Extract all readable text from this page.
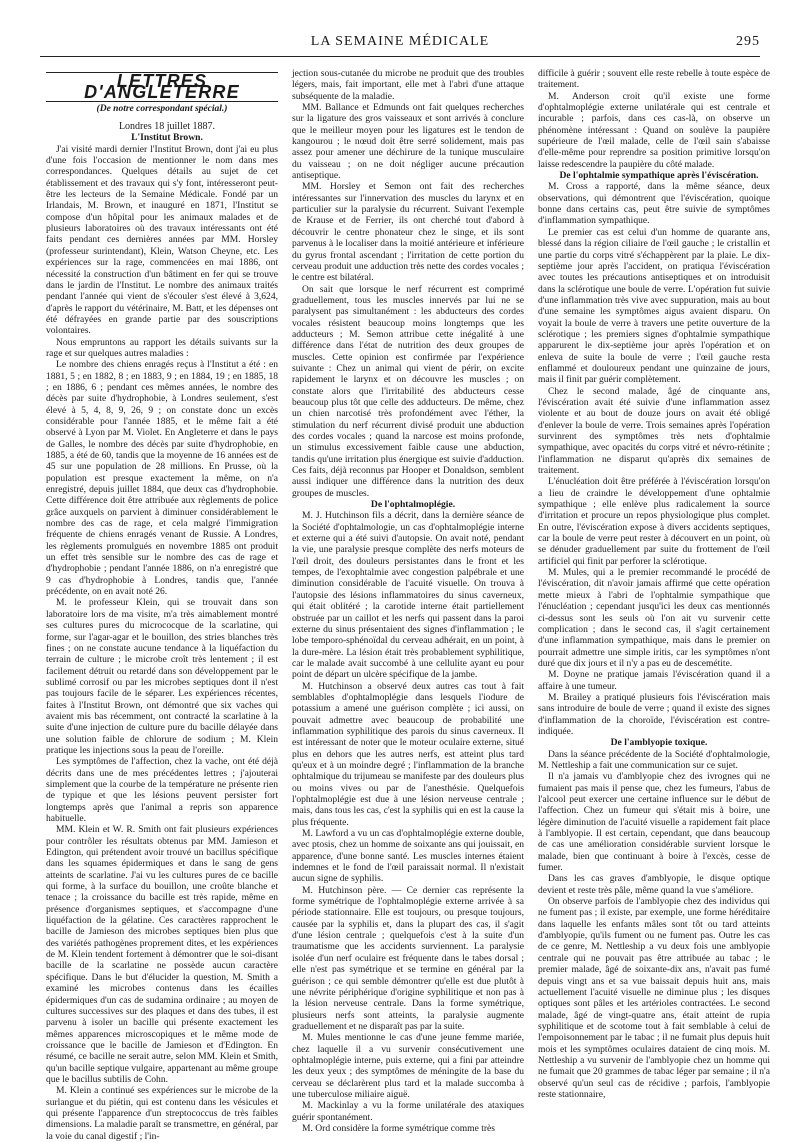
LA SEMAINE MÉDICALE	295
LETTRES D'ANGLETERRE
(De notre correspondant spécial.)

Londres 18 juillet 1887.

L'Institut Brown.

J'ai visité mardi dernier l'Institut Brown, dont j'ai eu plus d'une fois l'occasion de mentionner le nom dans mes correspondances. Quelques détails au sujet de cet établissement et des travaux qui s'y font, intéresseront peut-être les lecteurs de la Semaine Médicale. Fondé par un Irlandais, M. Brown, et inauguré en 1871, l'Institut se compose d'un hôpital pour les animaux malades et de plusieurs laboratoires où des travaux intéressants ont été faits pendant ces dernières années par MM. Horsley (professeur surintendant), Klein, Watson Cheyne, etc. Les expériences sur la rage, commencées en mai 1886, ont nécessité la construction d'un bâtiment en fer qui se trouve dans le jardin de l'Institut. Le nombre des animaux traités pendant l'année qui vient de s'écouler s'est élevé à 3,624, d'après le rapport du vétérinaire, M. Batt, et les dépenses ont été défrayées en grande partie par des souscriptions volontaires.

Nous empruntons au rapport les détails suivants sur la rage et sur quelques autres maladies :

Le nombre des chiens enragés reçus à l'Institut a été : en 1881, 5 ; en 1882, 8 ; en 1883, 9 ; en 1884, 19 ; en 1885, 18 ; en 1886, 6 ; pendant ces mêmes années, le nombre des décès par suite d'hydrophobie, à Londres seulement, s'est élevé à 5, 4, 8, 9, 26, 9 ; on constate donc un excès considérable pour l'année 1885, et le même fait a été observé à Lyon par M. Violet. En Angleterre et dans le pays de Galles, le nombre des décès par suite d'hydrophobie, en 1885, a été de 60, tandis que la moyenne de 16 années est de 45 sur une population de 28 millions. En Prusse, où la population est presque exactement la même, on n'a enregistré, depuis juillet 1884, que deux cas d'hydrophobie. Cette différence doit être attribuée aux règlements de police grâce auxquels on parvient à diminuer considérablement le nombre des cas de rage, et cela malgré l'immigration fréquente de chiens enragés venant de Russie. A Londres, les règlements promulgués en novembre 1885 ont produit un effet très sensible sur le nombre des cas de rage et d'hydrophobie ; pendant l'année 1886, on n'a enregistré que 9 cas d'hydrophobie à Londres, tandis que, l'année précédente, on en avait noté 26.

M. le professeur Klein, qui se trouvait dans son laboratoire lors de ma visite, m'a très aimablement montré ses cultures pures du micrococque de la scarlatine, qui forme, sur l'agar-agar et le bouillon, des stries blanches très fines ; on ne constate aucune tendance à la liquéfaction du terrain de culture ; le microbe croît très lentement ; il est facilement détruit ou retardé dans son développement par le sublimé corrosif ou par les microbes septiques dont il n'est pas toujours facile de le séparer. Les expériences récentes, faites à l'Institut Brown, ont démontré que six vaches qui avaient mis bas récemment, ont contracté la scarlatine à la suite d'une injection de culture pure du bacille délayée dans une solution faible de chlorure de sodium ; M. Klein pratique les injections sous la peau de l'oreille.

Les symptômes de l'affection, chez la vache, ont été déjà décrits dans une de mes précédentes lettres ; j'ajouterai simplement que la courbe de la température ne présente rien de typique et que les lésions peuvent persister fort longtemps après que l'animal a repris son apparence habituelle.

MM. Klein et W. R. Smith ont fait plusieurs expériences pour contrôler les résultats obtenus par MM. Jamieson et Edington, qui prétendent avoir trouvé un bacillus spécifique dans les squames épidermiques et dans le sang de gens atteints de scarlatine. J'ai vu les cultures pures de ce bacille qui forme, à la surface du bouillon, une croûte blanche et tenace ; la croissance du bacille est très rapide, même en présence d'organismes septiques, et s'accompagne d'une liquéfaction de la gélatine. Ces caractères rapprochent le bacille de Jamieson des microbes septiques bien plus que des variétés pathogènes proprement dites, et les expériences de M. Klein tendent fortement à démontrer que le soi-disant bacille de la scarlatine ne possède aucun caractère spécifique. Dans le but d'élucider la question, M. Smith a examiné les microbes contenus dans les écailles épidermiques d'un cas de sudamina ordinaire ; au moyen de cultures successives sur des plaques et dans des tubes, il est parvenu à isoler un bacille qui présente exactement les mêmes apparences microscopiques et le même mode de croissance que le bacille de Jamieson et d'Edington. En résumé, ce bacille ne serait autre, selon MM. Klein et Smith, qu'un bacille septique vulgaire, appartenant au même groupe que le bacillus subtilis de Cohn.

M. Klein a continué ses expériences sur le microbe de la surlangue et du piétin, qui est contenu dans les vésicules et qui présente l'apparence d'un streptococcus de très faibles dimensions. La maladie paraît se transmettre, en général, par la voie du canal digestif ; l'in-

jection sous-cutanée du microbe ne produit que des troubles légers, mais, fait important, elle met à l'abri d'une attaque subséquente de la maladie.

MM. Ballance et Edmunds ont fait quelques recherches sur la ligature des gros vaisseaux et sont arrivés à conclure que le meilleur moyen pour les ligatures est le tendon de kangourou ; le nœud doit être serré solidement, mais pas assez pour amener une déchirure de la tunique musculaire du vaisseau ; on ne doit négliger aucune précaution antiseptique.

MM. Horsley et Semon ont fait des recherches intéressantes sur l'innervation des muscles du larynx et en particulier sur la paralysie du récurrent. Suivant l'exemple de Krause et de Ferrier, ils ont cherché tout d'abord à découvrir le centre phonateur chez le singe, et ils sont parvenus à le localiser dans la moitié antérieure et inférieure du gyrus frontal ascendant ; l'irritation de cette portion du cerveau produit une adduction très nette des cordes vocales ; le centre est bilatéral.

On sait que lorsque le nerf récurrent est comprimé graduellement, tous les muscles innervés par lui ne se paralysent pas simultanément : les abducteurs des cordes vocales résistent beaucoup moins longtemps que les adducteurs ; M. Semon attribue cette inégalité à une différence dans l'état de nutrition des deux groupes de muscles. Cette opinion est confirmée par l'expérience suivante : Chez un animal qui vient de périr, on excite rapidement le larynx et on découvre les muscles ; on constate alors que l'irritabilité des abducteurs cesse beaucoup plus tôt que celle des adducteurs. De même, chez un chien narcotisé très profondément avec l'éther, la stimulation du nerf récurrent divisé produit une abduction des cordes vocales ; quand la narcose est moins profonde, un stimulus excessivement faible cause une abduction, tandis qu'une irritation plus énergique est suivie d'adduction. Ces faits, déjà reconnus par Hooper et Donaldson, semblent aussi indiquer une différence dans la nutrition des deux groupes de muscles.

De l'ophtalmoplégie.

M. J. Hutchinson fils a décrit, dans la dernière séance de la Société d'ophtalmologie, un cas d'ophtalmoplégie interne et externe qui a été suivi d'autopsie. On avait noté, pendant la vie, une paralysie presque complète des nerfs moteurs de l'œil droit, des douleurs persistantes dans le front et les tempes, de l'exophtalmie avec congestion palpébrale et une diminution considérable de l'acuité visuelle. On trouva à l'autopsie des lésions inflammatoires du sinus caverneux, qui était oblitéré ; la carotide interne était partiellement obstruée par un caillot et les nerfs qui passent dans la paroi externe du sinus présentaient des signes d'inflammation ; le lobe temporo-sphénoïdal du cerveau adhérait, en un point, à la dure-mère. La lésion était très probablement syphilitique, car le malade avait succombé à une cellulite ayant eu pour point de départ un ulcère spécifique de la jambe.

M. Hutchinson a observé deux autres cas tout à fait semblables d'ophtalmoplégie dans lesquels l'iodure de potassium a amené une guérison complète ; ici aussi, on pouvait admettre avec beaucoup de probabilité une inflammation syphilitique des parois du sinus caverneux. Il est intéressant de noter que le moteur oculaire externe, situé plus en dehors que les autres nerfs, est atteint plus tard qu'eux et à un moindre degré ; l'inflammation de la branche ophtalmique du trijumeau se manifeste par des douleurs plus ou moins vives ou par de l'anesthésie. Quelquefois l'ophtalmoplégie est due à une lésion nerveuse centrale ; mais, dans tous les cas, c'est la syphilis qui en est la cause la plus fréquente.

M. Lawford a vu un cas d'ophtalmoplégie externe double, avec ptosis, chez un homme de soixante ans qui jouissait, en apparence, d'une bonne santé. Les muscles internes étaient indemnes et le fond de l'œil paraissait normal. Il n'existait aucun signe de syphilis.

M. Hutchinson père. — Ce dernier cas représente la forme symétrique de l'ophtalmoplégie externe arrivée à sa période stationnaire. Elle est toujours, ou presque toujours, causée par la syphilis et, dans la plupart des cas, il s'agit d'une lésion centrale ; quelquefois c'est à la suite d'un traumatisme que les accidents surviennent. La paralysie isolée d'un nerf oculaire est fréquente dans le tabes dorsal ; elle n'est pas symétrique et se termine en général par la guérison ; ce qui semble démontrer qu'elle est due plutôt à une névrite périphérique d'origine syphilitique et non pas à la lésion nerveuse centrale. Dans la forme symétrique, plusieurs nerfs sont atteints, la paralysie augmente graduellement et ne disparaît pas par la suite.

M. Mules mentionne le cas d'une jeune femme mariée, chez laquelle il a vu survenir consécutivement une ophtalmoplégie interne, puis externe, qui a fini par atteindre les deux yeux ; des symptômes de méningite de la base du cerveau se déclarèrent plus tard et la malade succomba à une tuberculose miliaire aiguë.

M. Mackinlay a vu la forme unilatérale des ataxiques guérir spontanément.

M. Ord considère la forme symétrique comme très

difficile à guérir ; souvent elle reste rebelle à toute espèce de traitement.

M. Anderson croit qu'il existe une forme d'ophtalmoplégie externe unilatérale qui est centrale et incurable ; parfois, dans ces cas-là, on observe un phénomène intéressant : Quand on soulève la paupière supérieure de l'œil malade, celle de l'œil sain s'abaisse d'elle-même pour reprendre sa position primitive lorsqu'on laisse redescendre la paupière du côté malade.

De l'ophtalmie sympathique après l'éviscération.

M. Cross a rapporté, dans la même séance, deux observations, qui démontrent que l'éviscération, quoique bonne dans certains cas, peut être suivie de symptômes d'inflammation sympathique.

Le premier cas est celui d'un homme de quarante ans, blessé dans la région ciliaire de l'œil gauche ; le cristallin et une partie du corps vitré s'échappèrent par la plaie. Le dix-septième jour après l'accident, on pratiqua l'éviscération avec toutes les précautions antiseptiques et on introduisit dans la sclérotique une boule de verre. L'opération fut suivie d'une inflammation très vive avec suppuration, mais au bout d'une semaine les symptômes aigus avaient disparu. On voyait la boule de verre à travers une petite ouverture de la sclérotique ; les premiers signes d'ophtalmie sympathique apparurent le dix-septième jour après l'opération et on enleva de suite la boule de verre ; l'œil gauche resta enflammé et douloureux pendant une quinzaine de jours, mais il finit par guérir complètement.

Chez le second malade, âgé de cinquante ans, l'éviscération avait été suivie d'une inflammation assez violente et au bout de douze jours on avait été obligé d'enlever la boule de verre. Trois semaines après l'opération survinrent des symptômes très nets d'ophtalmie sympathique, avec opacités du corps vitré et névro-rétinite ; l'inflammation ne disparut qu'après dix semaines de traitement.

L'énucléation doit être préférée à l'éviscération lorsqu'on a lieu de craindre le développement d'une ophtalmie sympathique ; elle enlève plus radicalement la source d'irritation et procure un repos physiologique plus complet. En outre, l'éviscération expose à divers accidents septiques, car la boule de verre peut rester à découvert en un point, où se dénuder graduellement par suite du frottement de l'œil artificiel qui finit par perforer la sclérotique.

M. Mules, qui a le premier recommandé le procédé de l'éviscération, dit n'avoir jamais affirmé que cette opération mette mieux à l'abri de l'ophtalmie sympathique que l'énucléation ; cependant jusqu'ici les deux cas mentionnés ci-dessus sont les seuls où l'on ait vu survenir cette complication ; dans le second cas, il s'agit certainement d'une inflammation sympathique, mais dans le premier on pourrait admettre une simple iritis, car les symptômes n'ont duré que dix jours et il n'y a pas eu de descemétite.

M. Doyne ne pratique jamais l'éviscération quand il a affaire à une tumeur.

M. Brailey a pratiqué plusieurs fois l'éviscération mais sans introduire de boule de verre ; quand il existe des signes d'inflammation de la choroïde, l'éviscération est contre-indiquée.

De l'amblyopie toxique.

Dans la séance précédente de la Société d'ophtalmologie, M. Nettleship a fait une communication sur ce sujet.

Il n'a jamais vu d'amblyopie chez des ivrognes qui ne fumaient pas mais il pense que, chez les fumeurs, l'abus de l'alcool peut exercer une certaine influence sur le début de l'affection. Chez un fumeur qui s'était mis à boire, une légère diminution de l'acuité visuelle a rapidement fait place à l'amblyopie. Il est certain, cependant, que dans beaucoup de cas une amélioration considérable survient lorsque le malade, bien que continuant à boire à l'excès, cesse de fumer.

Dans les cas graves d'amblyopie, le disque optique devient et reste très pâle, même quand la vue s'améliore.

On observe parfois de l'amblyopie chez des individus qui ne fument pas ; il existe, par exemple, une forme héréditaire dans laquelle les enfants mâles sont tôt ou tard atteints d'amblyopie, qu'ils fument ou ne fument pas. Outre les cas de ce genre, M. Nettleship a vu deux fois une amblyopie centrale qui ne pouvait pas être attribuée au tabac ; le premier malade, âgé de soixante-dix ans, n'avait pas fumé depuis vingt ans et sa vue baissait depuis huit ans, mais actuellement l'acuité visuelle ne diminue plus ; les disques optiques sont pâles et les artérioles contractées. Le second malade, âgé de vingt-quatre ans, était atteint de rupia syphilitique et de scotome tout à fait semblable à celui de l'empoisonnement par le tabac ; il ne fumait plus depuis huit mois et les symptômes oculaires dataient de cinq mois. M. Nettleship a vu survenir de l'amblyopie chez un homme qui ne fumait que 20 grammes de tabac léger par semaine ; il n'a observé qu'un seul cas de récidive ; parfois, l'amblyopie reste stationnaire,
